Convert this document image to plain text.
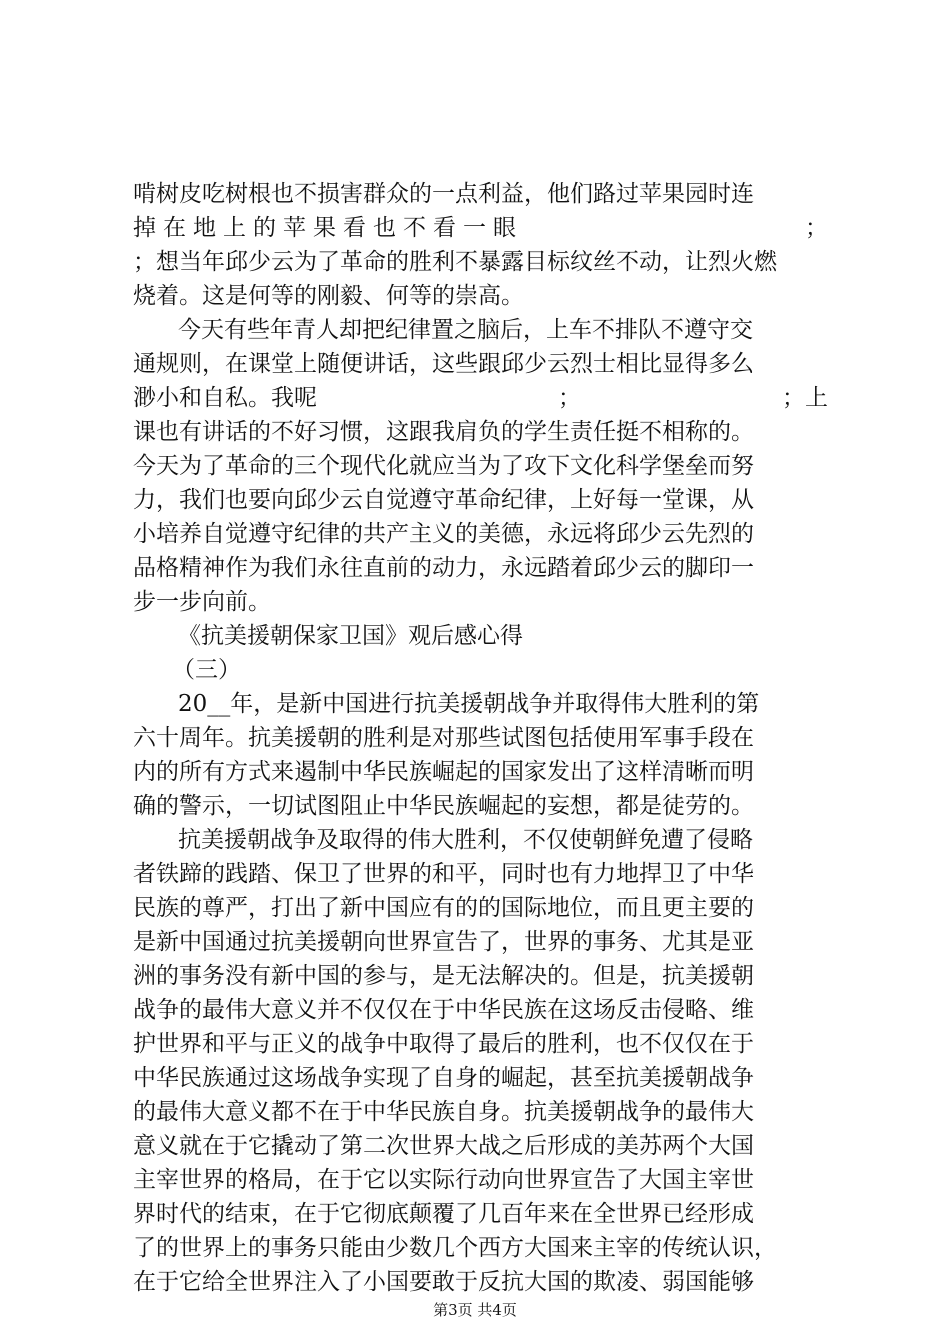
啃树皮吃树根也不损害群众的一点利益，他们路过苹果园时连
掉在地上的苹果看也不看一眼	；
；想当年邱少云为了革命的胜利不暴露目标纹丝不动，让烈火燃
烧着。这是何等的刚毅、何等的崇高。
今天有些年青人却把纪律置之脑后，上车不排队不遵守交
通规则，在课堂上随便讲话，这些跟邱少云烈士相比显得多么
渺小和自私。我呢	；	；上
课也有讲话的不好习惯，这跟我肩负的学生责任挺不相称的。
今天为了革命的三个现代化就应当为了攻下文化科学堡垒而努
力，我们也要向邱少云自觉遵守革命纪律，上好每一堂课，从
小培养自觉遵守纪律的共产主义的美德，永远将邱少云先烈的
品格精神作为我们永往直前的动力，永远踏着邱少云的脚印一
步一步向前。
《抗美援朝保家卫国》观后感心得
（三）
20__年，是新中国进行抗美援朝战争并取得伟大胜利的第
六十周年。抗美援朝的胜利是对那些试图包括使用军事手段在
内的所有方式来遏制中华民族崛起的国家发出了这样清晰而明
确的警示，一切试图阻止中华民族崛起的妄想，都是徒劳的。
抗美援朝战争及取得的伟大胜利，不仅使朝鲜免遭了侵略
者铁蹄的践踏、保卫了世界的和平，同时也有力地捍卫了中华
民族的尊严，打出了新中国应有的的国际地位，而且更主要的
是新中国通过抗美援朝向世界宣告了，世界的事务、尤其是亚
洲的事务没有新中国的参与，是无法解决的。但是，抗美援朝
战争的最伟大意义并不仅仅在于中华民族在这场反击侵略、维
护世界和平与正义的战争中取得了最后的胜利，也不仅仅在于
中华民族通过这场战争实现了自身的崛起，甚至抗美援朝战争
的最伟大意义都不在于中华民族自身。抗美援朝战争的最伟大
意义就在于它撬动了第二次世界大战之后形成的美苏两个大国
主宰世界的格局，在于它以实际行动向世界宣告了大国主宰世
界时代的结束，在于它彻底颠覆了几百年来在全世界已经形成
了的世界上的事务只能由少数几个西方大国来主宰的传统认识，
在于它给全世界注入了小国要敢于反抗大国的欺凌、弱国能够
第3页 共4页
